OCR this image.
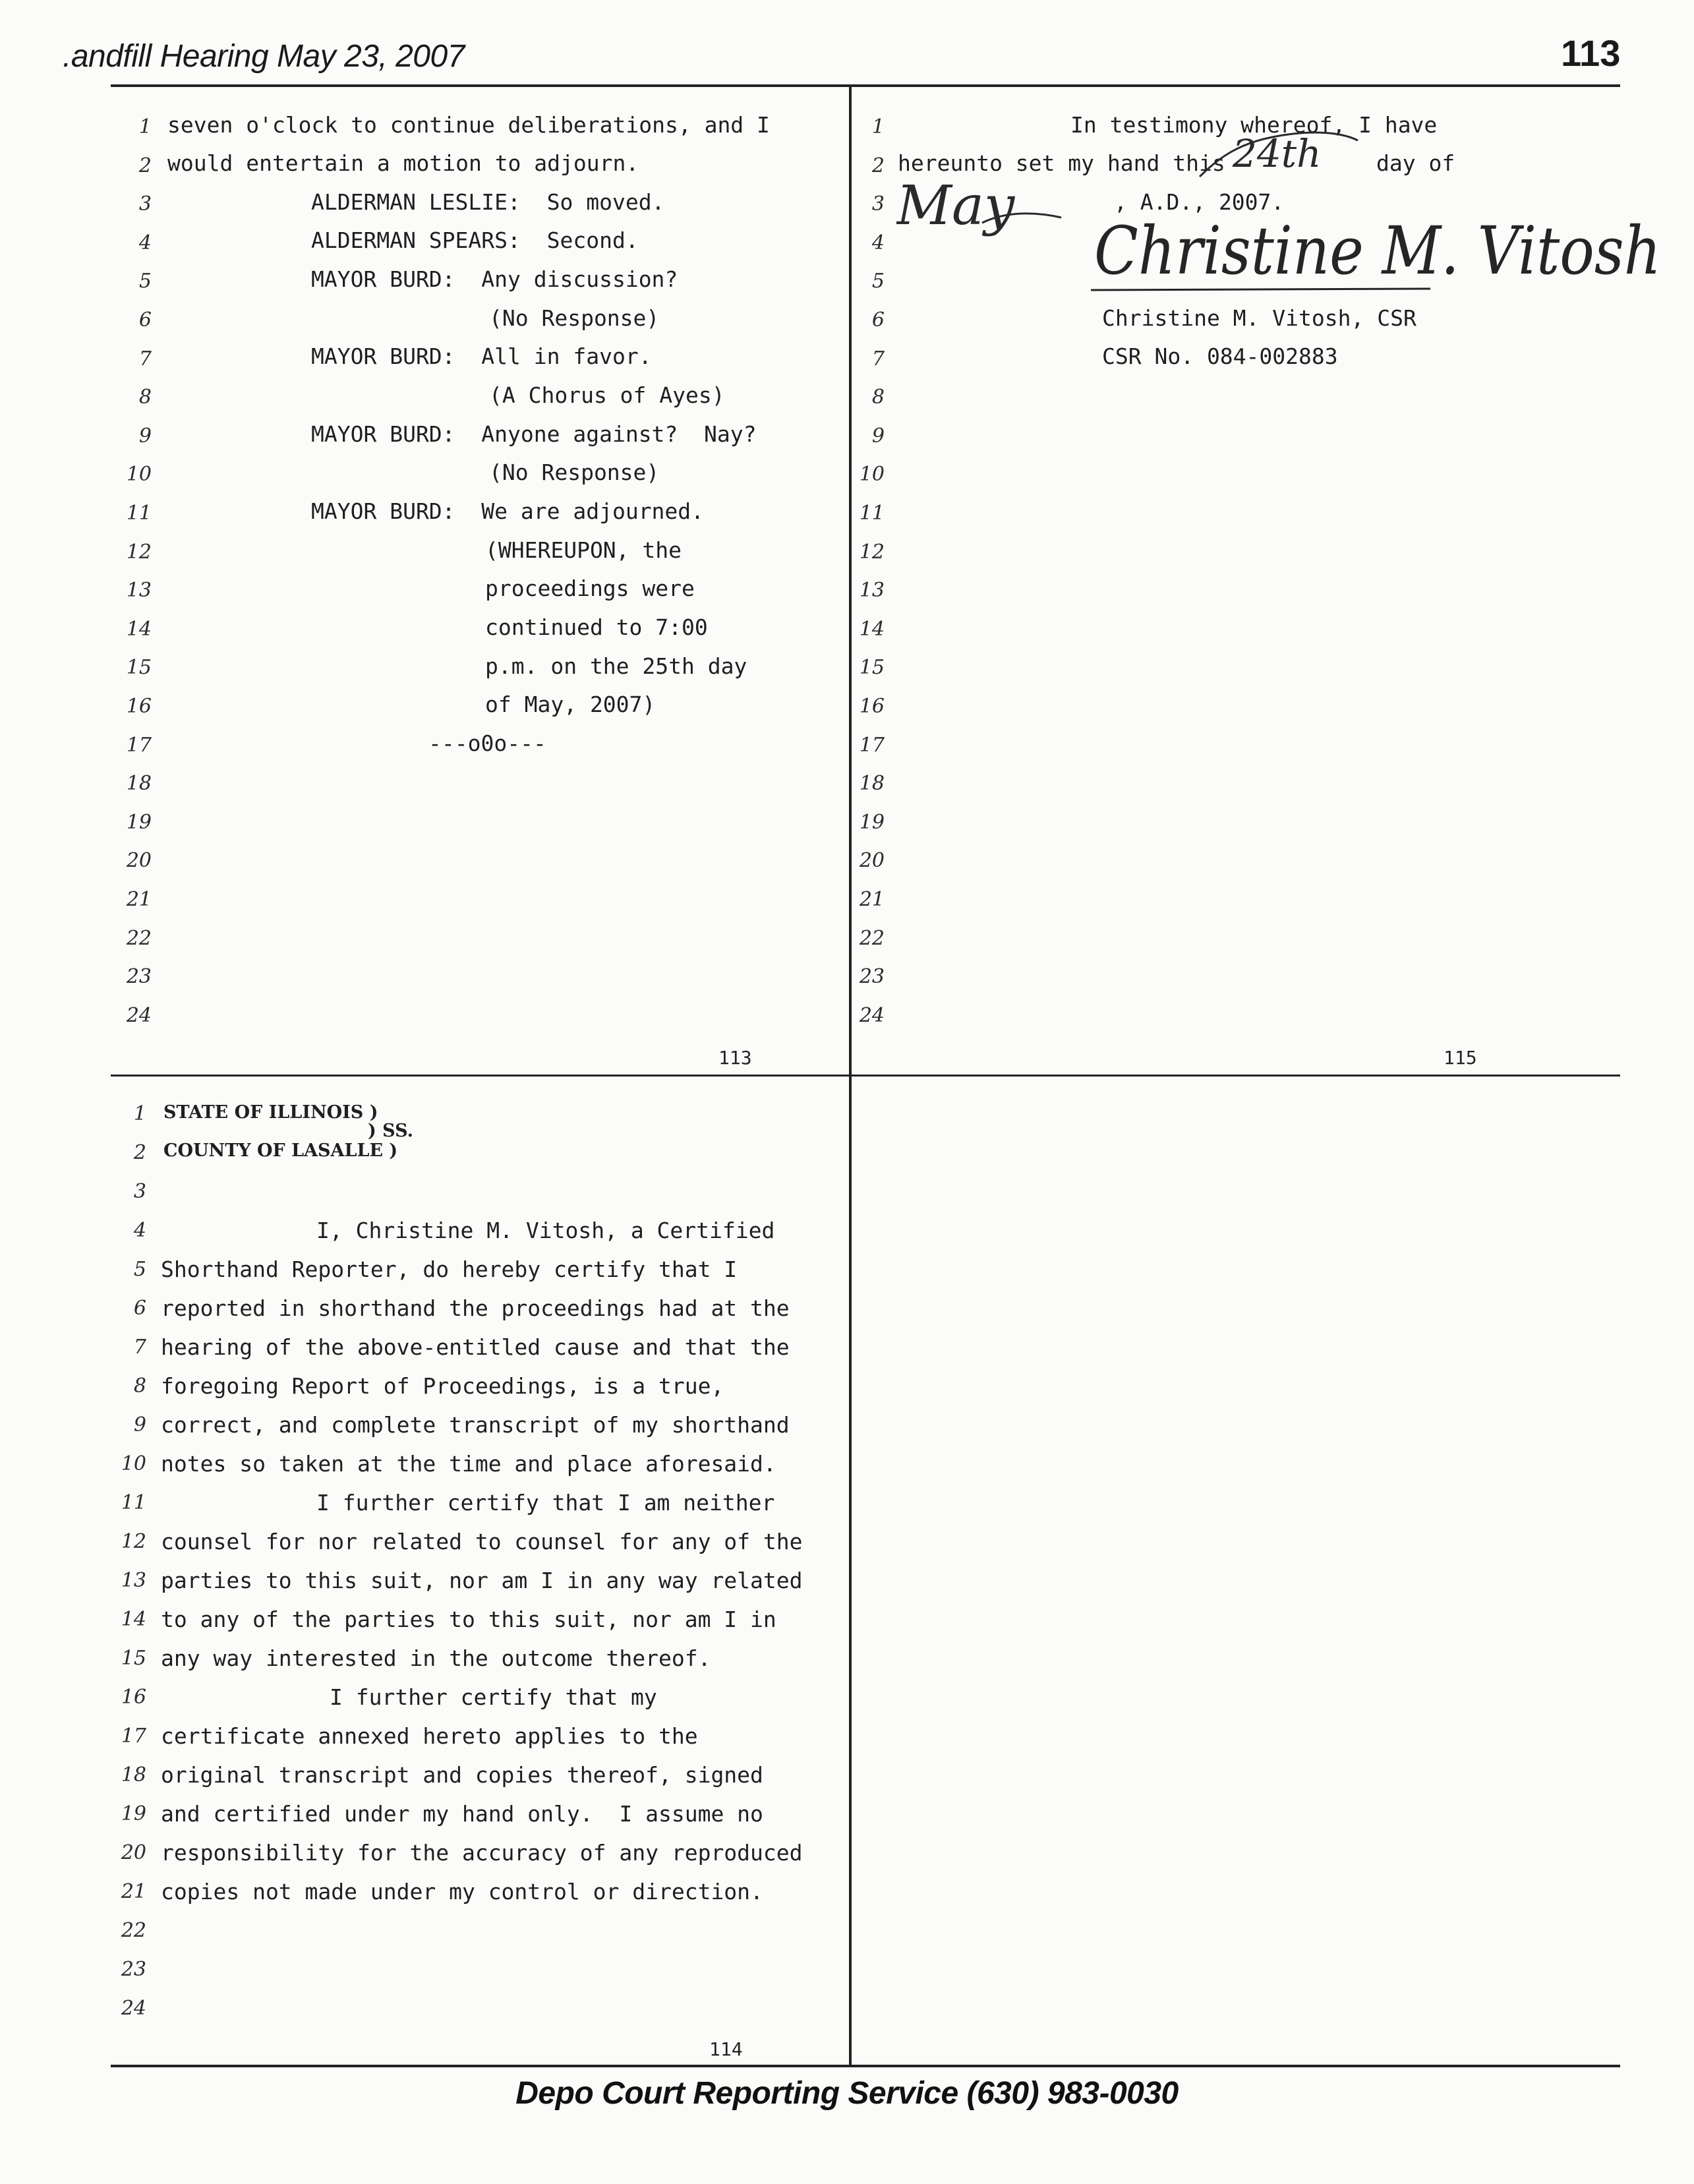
.andfill Hearing May 23, 2007	113
1
2
3
4
5
6
7
8
9
10
11
12
13
14
15
16
17
18
19
20
21
22
23
24
seven o'clock to continue deliberations, and I
would entertain a motion to adjourn.
ALDERMAN LESLIE:  So moved.
ALDERMAN SPEARS:  Second.
MAYOR BURD:  Any discussion?
(No Response)
MAYOR BURD:  All in favor.
(A Chorus of Ayes)
MAYOR BURD:  Anyone against?  Nay?
(No Response)
MAYOR BURD:  We are adjourned.
(WHEREUPON, the
proceedings were
continued to 7:00
p.m. on the 25th day
of May, 2007)
---o0o---
113
1
2
3
4
5
6
7
8
9
10
11
12
13
14
15
16
17
18
19
20
21
22
23
24
In testimony whereof, I have
hereunto set my hand this	day of
, A.D., 2007.
24th
May
Christine M. Vitosh
Christine M. Vitosh, CSR
CSR No. 084-002883
115
1
2
3
4
5
6
7
8
9
10
11
12
13
14
15
16
17
18
19
20
21
22
23
24
STATE OF ILLINOIS )
) SS.
COUNTY OF LASALLE )
I, Christine M. Vitosh, a Certified
Shorthand Reporter, do hereby certify that I
reported in shorthand the proceedings had at the
hearing of the above-entitled cause and that the
foregoing Report of Proceedings, is a true,
correct, and complete transcript of my shorthand
notes so taken at the time and place aforesaid.
I further certify that I am neither
counsel for nor related to counsel for any of the
parties to this suit, nor am I in any way related
to any of the parties to this suit, nor am I in
any way interested in the outcome thereof.
I further certify that my
certificate annexed hereto applies to the
original transcript and copies thereof, signed
and certified under my hand only.  I assume no
responsibility for the accuracy of any reproduced
copies not made under my control or direction.
114
Depo Court Reporting Service (630) 983-0030
